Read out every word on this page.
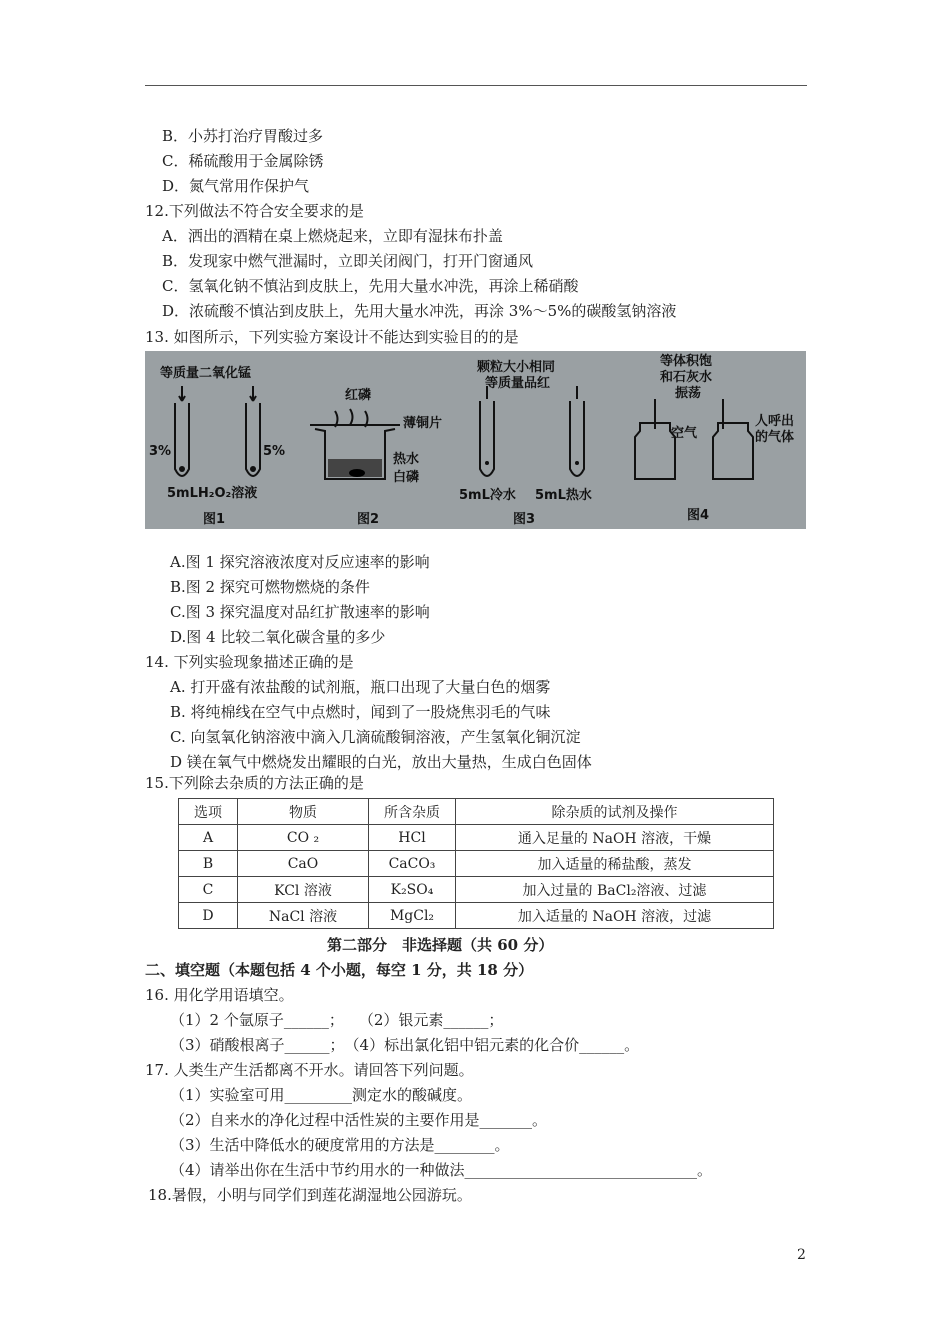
B．小苏打治疗胃酸过多
C．稀硫酸用于金属除锈
D．氮气常用作保护气
12.下列做法不符合安全要求的是
A．洒出的酒精在桌上燃烧起来，立即有湿抹布扑盖
B．发现家中燃气泄漏时，立即关闭阀门，打开门窗通风
C．氢氧化钠不慎沾到皮肤上，先用大量水冲洗，再涂上稀硝酸
D．浓硫酸不慎沾到皮肤上，先用大量水冲洗，再涂 3%～5%的碳酸氢钠溶液
13. 如图所示，下列实验方案设计不能达到实验目的的是
等质量二氧化锰
3%	5%
5mLH₂O₂溶液
图1
红磷
薄铜片
热水
白磷
图2
颗粒大小相同
等质量品红
5mL冷水 5mL热水
图3
等体积饱
和石灰水
振荡
空气
人呼出
的气体
图4
A.图 1 探究溶液浓度对反应速率的影响
B.图 2 探究可燃物燃烧的条件
C.图 3 探究温度对品红扩散速率的影响
D.图 4 比较二氧化碳含量的多少
14. 下列实验现象描述正确的是
A. 打开盛有浓盐酸的试剂瓶，瓶口出现了大量白色的烟雾
B. 将纯棉线在空气中点燃时，闻到了一股烧焦羽毛的气味
C. 向氢氧化钠溶液中滴入几滴硫酸铜溶液，产生氢氧化铜沉淀
D 镁在氧气中燃烧发出耀眼的白光，放出大量热，生成白色固体
15.下列除去杂质的方法正确的是
选项	物质	所含杂质	除杂质的试剂及操作
A	CO ₂	HCl	通入足量的 NaOH 溶液，干燥
B	CaO	CaCO₃	加入适量的稀盐酸，蒸发
C	KCl 溶液	K₂SO₄	加入过量的 BaCl₂溶液、过滤
D	NaCl 溶液	MgCl₂	加入适量的 NaOH 溶液，过滤
第二部分　非选择题（共 60 分）
二、填空题（本题包括 4 个小题，每空 1 分，共 18 分）
16. 用化学用语填空。
（1）2 个氩原子______；　　（2）银元素______；
（3）硝酸根离子______；　（4）标出氯化铝中铝元素的化合价______。
17. 人类生产生活都离不开水。请回答下列问题。
（1）实验室可用_________测定水的酸碱度。
（2）自来水的净化过程中活性炭的主要作用是_______。
（3）生活中降低水的硬度常用的方法是________。
（4）请举出你在生活中节约用水的一种做法_______________________________。
18.暑假，小明与同学们到莲花湖湿地公园游玩。
2
